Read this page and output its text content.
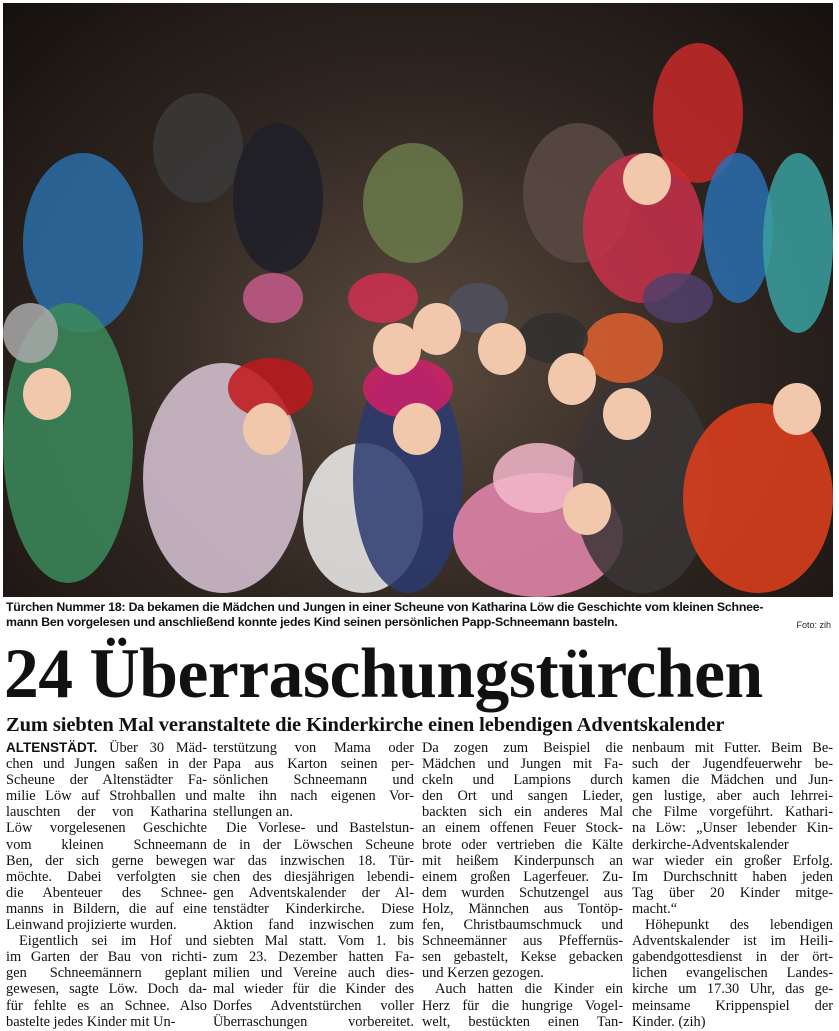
Türchen Nummer 18: Da bekamen die Mädchen und Jungen in einer Scheune von Katharina Löw die Geschichte vom kleinen Schnee-
mann Ben vorgelesen und anschließend konnte jedes Kind seinen persönlichen Papp-Schneemann basteln.	Foto: zih
24 Überraschungstürchen
Zum siebten Mal veranstaltete die Kinderkirche einen lebendigen Adventskalender
ALTENSTÄDT. Über 30 Mäd-
chen und Jungen saßen in der
Scheune der Altenstädter Fa-
milie Löw auf Strohballen und
lauschten der von Katharina
Löw vorgelesenen Geschichte
vom kleinen Schneemann
Ben, der sich gerne bewegen
möchte. Dabei verfolgten sie
die Abenteuer des Schnee-
manns in Bildern, die auf eine
Leinwand projizierte wurden.
Eigentlich sei im Hof und
im Garten der Bau von richti-
gen Schneemännern geplant
gewesen, sagte Löw. Doch da-
für fehlte es an Schnee. Also
bastelte jedes Kinder mit Un-
terstützung von Mama oder
Papa aus Karton seinen per-
sönlichen Schneemann und
malte ihn nach eigenen Vor-
stellungen an.
Die Vorlese- und Bastelstun-
de in der Löwschen Scheune
war das inzwischen 18. Tür-
chen des diesjährigen lebendi-
gen Adventskalender der Al-
tenstädter Kinderkirche. Diese
Aktion fand inzwischen zum
siebten Mal statt. Vom 1. bis
zum 23. Dezember hatten Fa-
milien und Vereine auch dies-
mal wieder für die Kinder des
Dorfes Adventstürchen voller
Überraschungen vorbereitet.
Da zogen zum Beispiel die
Mädchen und Jungen mit Fa-
ckeln und Lampions durch
den Ort und sangen Lieder,
backten sich ein anderes Mal
an einem offenen Feuer Stock-
brote oder vertrieben die Kälte
mit heißem Kinderpunsch an
einem großen Lagerfeuer. Zu-
dem wurden Schutzengel aus
Holz, Männchen aus Tontöp-
fen, Christbaumschmuck und
Schneemänner aus Pfeffernüs-
sen gebastelt, Kekse gebacken
und Kerzen gezogen.
Auch hatten die Kinder ein
Herz für die hungrige Vogel-
welt, bestückten einen Tan-
nenbaum mit Futter. Beim Be-
such der Jugendfeuerwehr be-
kamen die Mädchen und Jun-
gen lustige, aber auch lehrrei-
che Filme vorgeführt. Kathari-
na Löw: „Unser lebender Kin-
derkirche-Adventskalender
war wieder ein großer Erfolg.
Im Durchschnitt haben jeden
Tag über 20 Kinder mitge-
macht.“
Höhepunkt des lebendigen
Adventskalender ist im Heili-
gabendgottesdienst in der ört-
lichen evangelischen Landes-
kirche um 17.30 Uhr, das ge-
meinsame Krippenspiel der
Kinder. (zih)
